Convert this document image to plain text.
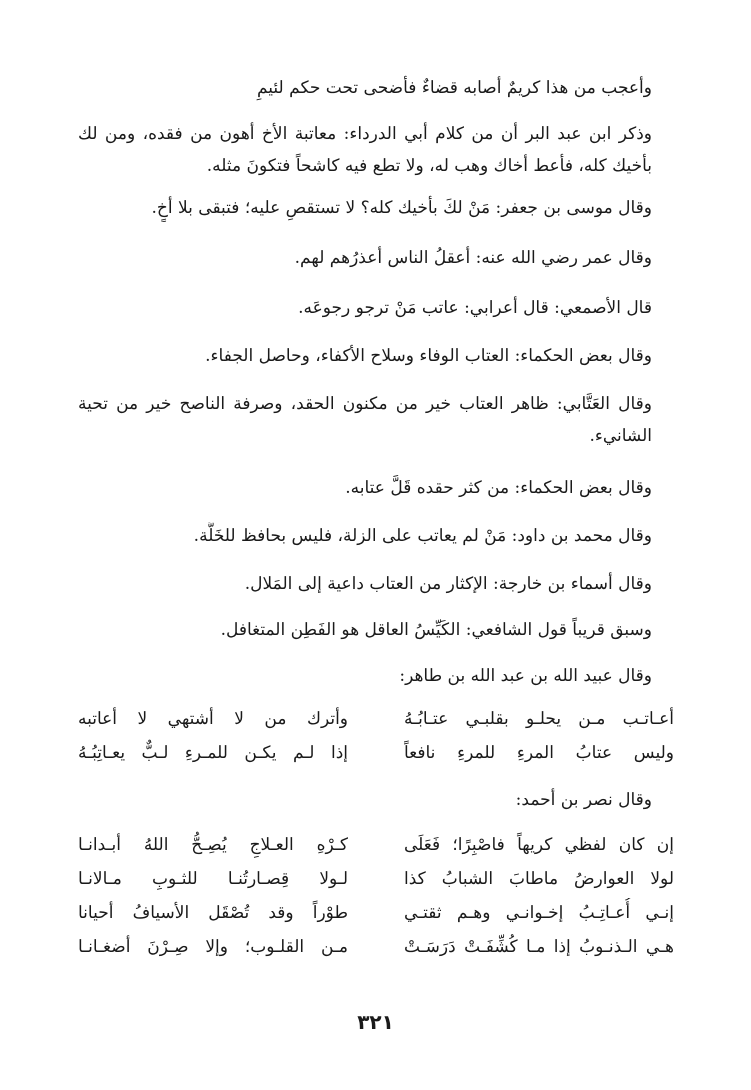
وأعجب من هذا كريمٌ أصابه قضاءٌ فأضحى تحت حكم لئيمِ
وذكر ابن عبد البر أن من كلام أبي الدرداء: معاتبة الأخ أهون من فقده، ومن لك بأخيك كله، فأعط أخاك وهب له، ولا تطع فيه كاشحاً فتكونَ مثله.
وقال موسى بن جعفر: مَنْ لكَ بأخيك كله؟ لا تستقصِ عليه؛ فتبقى بلا أخٍ.
وقال عمر رضي الله عنه: أعقلُ الناس أعذرُهم لهم.
قال الأصمعي: قال أعرابي: عاتب مَنْ ترجو رجوعَه.
وقال بعض الحكماء: العتاب الوفاء وسلاح الأكفاء، وحاصل الجفاء.
وقال العَتَّابي: ظاهر العتاب خير من مكنون الحقد، وصرفة الناصح خير من تحية الشانيء.
وقال بعض الحكماء: من كثر حقده قَلَّ عتابه.
وقال محمد بن داود: مَنْ لم يعاتب على الزلة، فليس بحافظ للخَلَّة.
وقال أسماء بن خارجة: الإكثار من العتاب داعية إلى المَلال.
وسبق قريباً قول الشافعي: الكَيِّسُ العاقل هو الفَطِن المتغافل.
وقال عبيد الله بن عبد الله بن طاهر:
أعـاتـب مـن يحلـو بقلبـي عتـابُـهُ
وأترك من لا أشتهي لا أعاتبه
وليس عتابُ المرءِ للمرءِ نافعاً
إذا لـم يكـن للمـرءِ لـبٌّ يعـاتِبُـهُ
وقال نصر بن أحمد:
إن كان لفظي كريهاً فاصْبِرًا؛ فَعَلَى
كـرْهِ العـلاجِ يُصِـحُّ اللهُ أبـدانـا
لولا العوارضُ ماطابَ الشبابُ كذا
لـولا قِصـارتُنـا للثـوبِ مـالانـا
إنـي أُعـاتِـبُ إخـوانـي وهـم ثقتـي
طوْراً وقد تُصْقَل الأسيافُ أحيانا
هـي الـذنـوبُ إذا مـا كُشِّفَـتْ دَرَسَـتْ
مـن القلـوب؛ وإلا صِـرْنَ أضغـانـا
٣٢١
